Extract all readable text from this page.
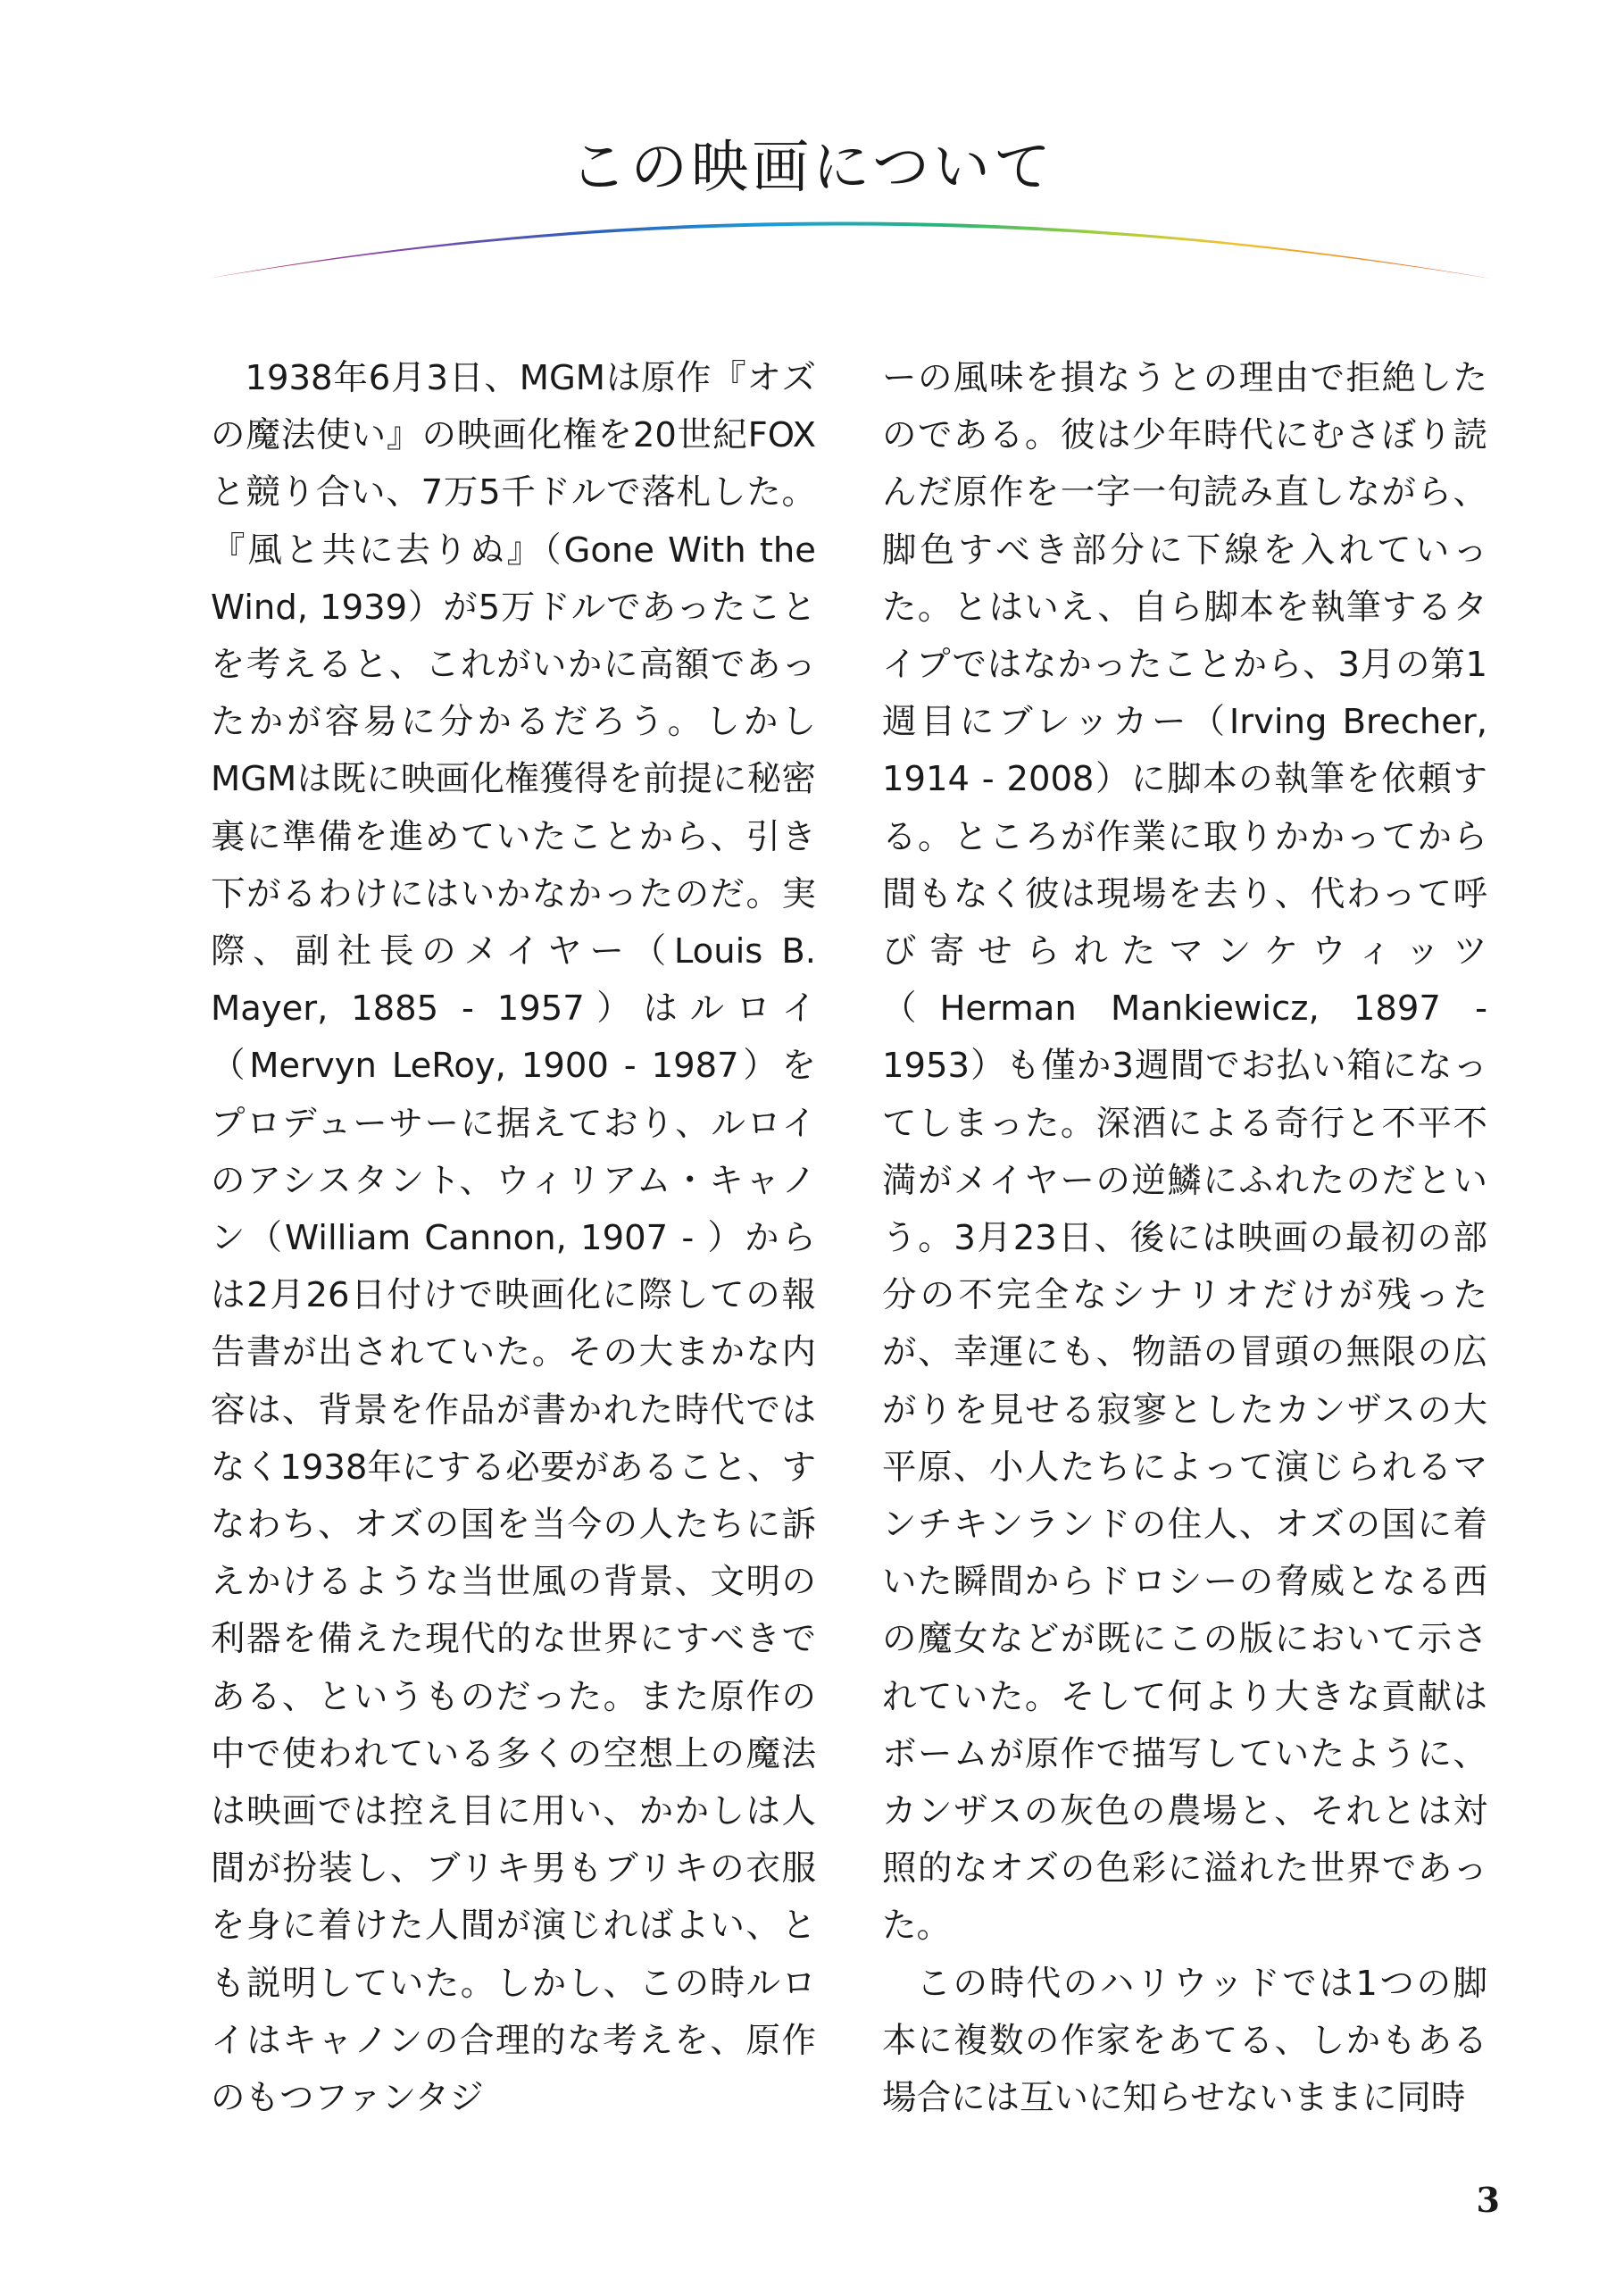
この映画について

1938年6月3日、MGMは原作『オズの魔法使い』の映画化権を20世紀FOXと競り合い、7万5千ドルで落札した。『風と共に去りぬ』（Gone With the Wind, 1939）が5万ドルであったことを考えると、これがいかに高額であったかが容易に分かるだろう。しかしMGMは既に映画化権獲得を前提に秘密裏に準備を進めていたことから、引き下がるわけにはいかなかったのだ。実際、副社長のメイヤー（Louis B. Mayer, 1885 - 1957）はルロイ（Mervyn LeRoy, 1900 - 1987）をプロデューサーに据えており、ルロイのアシスタント、ウィリアム・キャノン（William Cannon, 1907 - ）からは2月26日付けで映画化に際しての報告書が出されていた。その大まかな内容は、背景を作品が書かれた時代ではなく1938年にする必要があること、すなわち、オズの国を当今の人たちに訴えかけるような当世風の背景、文明の利器を備えた現代的な世界にすべきである、というものだった。また原作の中で使われている多くの空想上の魔法は映画では控え目に用い、かかしは人間が扮装し、ブリキ男もブリキの衣服を身に着けた人間が演じればよい、とも説明していた。しかし、この時ルロイはキャノンの合理的な考えを、原作のもつファンタジ

ーの風味を損なうとの理由で拒絶したのである。彼は少年時代にむさぼり読んだ原作を一字一句読み直しながら、脚色すべき部分に下線を入れていった。とはいえ、自ら脚本を執筆するタイプではなかったことから、3月の第1週目にブレッカー（Irving Brecher, 1914 - 2008）に脚本の執筆を依頼する。ところが作業に取りかかってから間もなく彼は現場を去り、代わって呼び寄せられたマンケウィッツ（Herman Mankiewicz, 1897 - 1953）も僅か3週間でお払い箱になってしまった。深酒による奇行と不平不満がメイヤーの逆鱗にふれたのだという。3月23日、後には映画の最初の部分の不完全なシナリオだけが残ったが、幸運にも、物語の冒頭の無限の広がりを見せる寂寥としたカンザスの大平原、小人たちによって演じられるマンチキンランドの住人、オズの国に着いた瞬間からドロシーの脅威となる西の魔女などが既にこの版において示されていた。そして何より大きな貢献はボームが原作で描写していたように、カンザスの灰色の農場と、それとは対照的なオズの色彩に溢れた世界であった。

この時代のハリウッドでは1つの脚本に複数の作家をあてる、しかもある場合には互いに知らせないままに同時

3
